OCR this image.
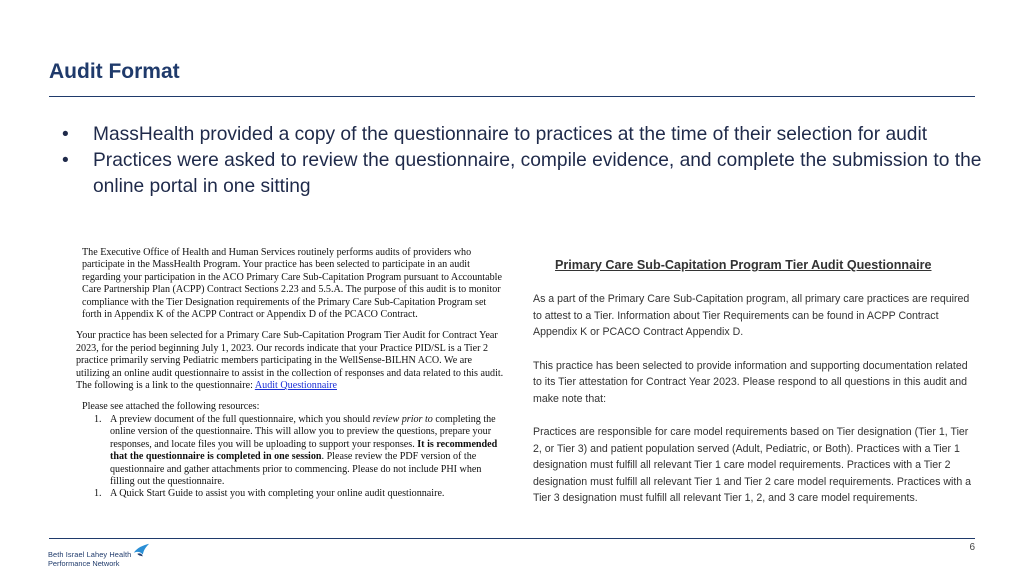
Audit Format
• MassHealth provided a copy of the questionnaire to practices at the time of their selection for audit
• Practices were asked to review the questionnaire, compile evidence, and complete the submission to the online portal in one sitting

The Executive Office of Health and Human Services routinely performs audits of providers who participate in the MassHealth Program. Your practice has been selected to participate in an audit regarding your participation in the ACO Primary Care Sub-Capitation Program pursuant to Accountable Care Partnership Plan (ACPP) Contract Sections 2.23 and 5.5.A. The purpose of this audit is to monitor compliance with the Tier Designation requirements of the Primary Care Sub-Capitation Program set forth in Appendix K of the ACPP Contract or Appendix D of the PCACO Contract.

Your practice has been selected for a Primary Care Sub-Capitation Program Tier Audit for Contract Year 2023, for the period beginning July 1, 2023. Our records indicate that your Practice PID/SL is a Tier 2 practice primarily serving Pediatric members participating in the WellSense-BILHN ACO. We are utilizing an online audit questionnaire to assist in the collection of responses and data related to this audit. The following is a link to the questionnaire: Audit Questionnaire

Please see attached the following resources:

1. A preview document of the full questionnaire, which you should review prior to completing the online version of the questionnaire. This will allow you to preview the questions, prepare your responses, and locate files you will be uploading to support your responses. It is recommended that the questionnaire is completed in one session. Please review the PDF version of the questionnaire and gather attachments prior to commencing. Please do not include PHI when filling out the questionnaire.
1. A Quick Start Guide to assist you with completing your online audit questionnaire.
Primary Care Sub-Capitation Program Tier Audit Questionnaire

As a part of the Primary Care Sub-Capitation program, all primary care practices are required to attest to a Tier. Information about Tier Requirements can be found in ACPP Contract Appendix K or PCACO Contract Appendix D.

This practice has been selected to provide information and supporting documentation related to its Tier attestation for Contract Year 2023. Please respond to all questions in this audit and make note that:

Practices are responsible for care model requirements based on Tier designation (Tier 1, Tier 2, or Tier 3) and patient population served (Adult, Pediatric, or Both). Practices with a Tier 1 designation must fulfill all relevant Tier 1 care model requirements. Practices with a Tier 2 designation must fulfill all relevant Tier 1 and Tier 2 care model requirements. Practices with a Tier 3 designation must fulfill all relevant Tier 1, 2, and 3 care model requirements.

Beth Israel Lahey Health
Performance Network
6
